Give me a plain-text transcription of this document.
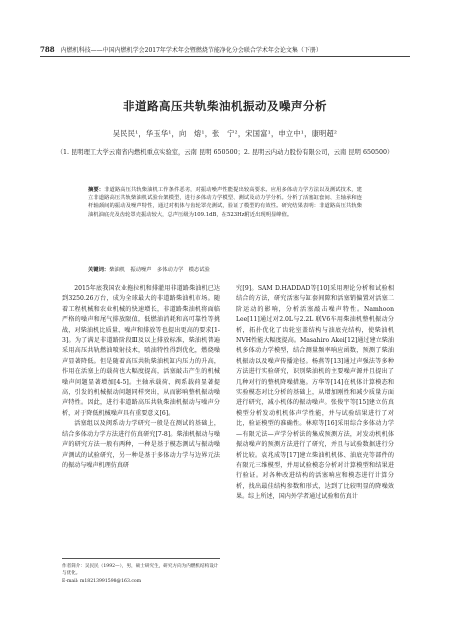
788 内燃机科技——中国内燃机学会2017年学术年会暨燃烧节能净化分会联合学术年会论文集（下册）
非道路高压共轨柴油机振动及噪声分析
吴民民¹，华玉华¹，向　熔¹，张　宁²，宋国富¹，申立中¹，康明超²
（1. 昆明理工大学云南省内燃机重点实验室，云南 昆明 650500；2. 昆明云内动力股份有限公司，云南 昆明 650500）
摘要：非道路高压共轨柴油机工作条件恶劣，对振动噪声性能提出较高要求。应用多体动力学方法以及测试技术，建立非道路高压共轨柴油机试验台架模型，进行多体动力学模型、测试及动力学分析。分析了活塞缸套间、主轴承和连杆轴颈间的振动及噪声特性，通过对机体与齿轮罩壳测试，验证了模型的有效性。研究结果表明：非道路高压共轨柴油机油底壳及齿轮罩壳振动较大，总声压级为109.1dB，在523Hz附近出现明显峰值。
关键词：柴油机　振动噪声　多体动力学　模态试验

2015年底我国农业拖拉机和排灌用非道路柴油机已达到3250.26万台，成为全球最大的非道路柴油机市场。随着工程机械和农业机械的快速增长，非道路柴油机将面临严格的噪声和尾气排放限值，低燃油消耗和高可靠性等挑战，对柴油机比质量、噪声和排放等也提出更高的要求[1-3]。为了满足非道路阶段Ⅲ及以上排放标准，柴油机普遍采用高压共轨燃油喷射技术，喷油特性得到优化，燃烧噪声显著降低。但是随着高压共轨柴油机缸内压力的升高，作用在活塞上的载荷也大幅度提高，活塞敲击产生的机械噪声问题显著增加[4-5]。主轴承载荷、阀系载荷显著提高，引发的机械振动问题同样突出，从而影响整机振动噪声特性。因此，进行非道路高压共轨柴油机振动与噪声分析，对于降低机械噪声具有重要意义[6]。

活塞组以及阀系动力学研究一般是在测试的基础上，结合多体动力学方法进行仿真研究[7-8]。柴油机振动与噪声的研究方法一般有两种，一种是基于模态测试与振动噪声测试的试验研究，另一种是基于多体动力学与边界元法的振动与噪声机理仿真研

究[9]。SAM D.HADDAD等[10]采用理论分析和试验相结合的方法，研究活塞与缸套间隙和活塞销偏置对活塞二阶运动的影响，分析活塞敲击噪声特性。Namhoon Lee[11]通过对2.0L与2.2L 联V6车用柴油机整机振动分析，拓扑优化了齿轮室盖结构与油底壳结构，使柴油机NVH性能大幅度提高。Masahiro Akei[12]通过建立柴油机多体动力学模型，结合测量频率响应函数，预测了柴油机振动以及噪声传播途径。杨燕等[13]通过声强法等多种方法进行实验研究，识别柴油机的主要噪声源并且提出了几种对行的整机降噪措施。方华等[14]在机体计算模态和实验模态对比分析的基础上，从增加刚性和减少质量方面进行研究，减小机体的振动噪声。张俊宇等[15]建立仿真模型分析发动机机体声学性能，并与试验结果进行了对比，验证模型的准确性。林琼等[16]采用综合多体动力学—有限元法—声学分析法的集成预测方法，对发动机机体振动噪声的预测方法进行了研究，并且与试验数据进行分析比较。袁兆成等[17]建立柴油机机体、油底壳等部件的有限元三维模型，并用试验模态分析对计算模型和结果进行验证。对各种改进结构的活塞响应和模态进行计算分析，找出最佳结构参数和形式，达到了比较明显的降噪效果。综上所述，国内外学者通过试验和仿真计

作者简介：吴民民（1992—），男，硕士研究生，研究方向为内燃机结构设计与优化。
E-mail: m18213991598@163.com
